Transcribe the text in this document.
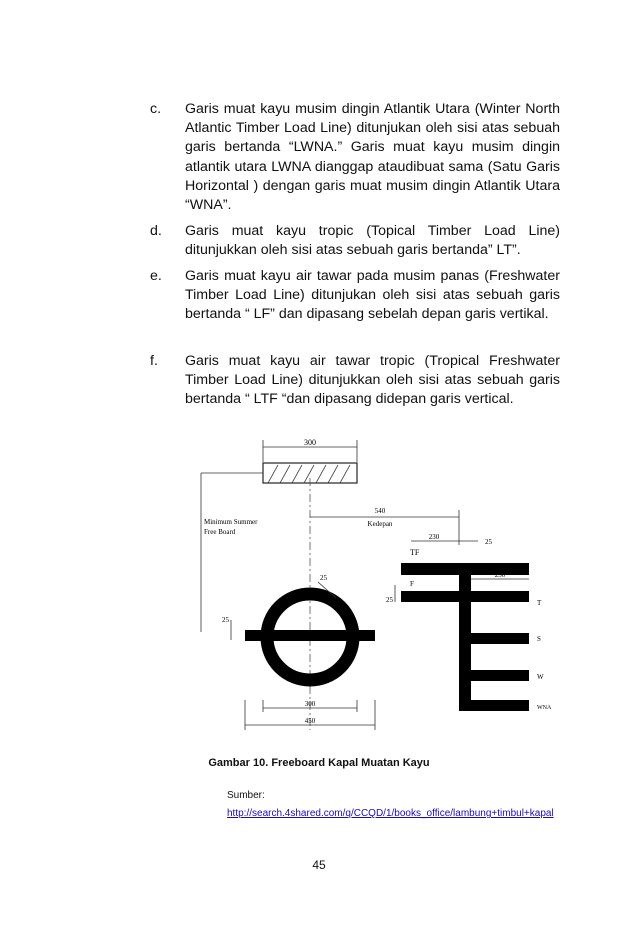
c.	Garis muat kayu musim dingin Atlantik Utara (Winter North Atlantic Timber Load Line) ditunjukan oleh sisi atas sebuah garis bertanda “LWNA.” Garis muat kayu musim dingin atlantik utara LWNA dianggap ataudibuat sama (Satu Garis Horizontal ) dengan garis muat musim dingin Atlantik Utara “WNA”.
d.	Garis muat kayu tropic (Topical Timber Load Line) ditunjukkan oleh sisi atas sebuah garis bertanda” LT”.
e.	Garis muat kayu air tawar pada musim panas (Freshwater Timber Load Line) ditunjukan oleh sisi atas sebuah garis bertanda “ LF” dan dipasang sebelah depan garis vertikal.
f.	Garis muat kayu air tawar tropic (Tropical Freshwater Timber Load Line) ditunjukkan oleh sisi atas sebuah garis bertanda “ LTF “dan dipasang didepan garis vertical.
300
Minimum Summer
Free Board
540
Kedepan
230
25
TF
230
F
25	T
S
W
WNA
25
25
300
450
Gambar 10. Freeboard Kapal Muatan Kayu
Sumber:
http://search.4shared.com/q/CCQD/1/books_office/lambung+timbul+kapal
45
